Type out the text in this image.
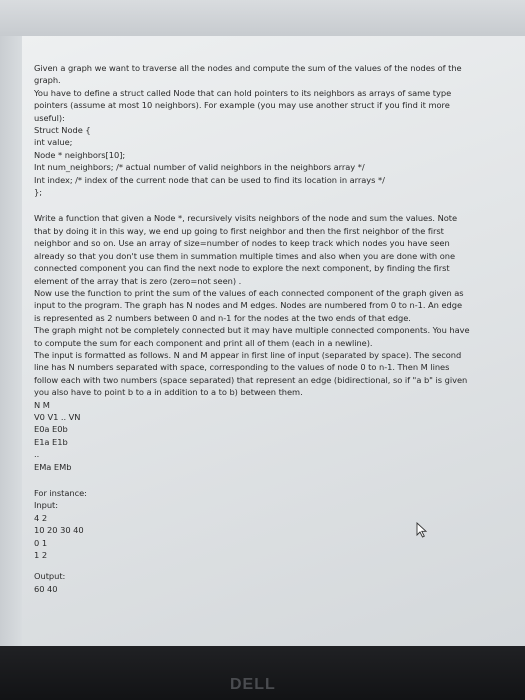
Given a graph we want to traverse all the nodes and compute the sum of the values of the nodes of the

graph.

You have to define a struct called Node that can hold pointers to its neighbors as arrays of same type

pointers (assume at most 10 neighbors). For example (you may use another struct if you find it more

useful):

Struct Node {

int value;

Node * neighbors[10];

Int num_neighbors; /* actual number of valid neighbors in the neighbors array */

Int index; /* index of the current node that can be used to find its location in arrays */

};

Write a function that given a Node *, recursively visits neighbors of the node and sum the values. Note

that by doing it in this way, we end up going to first neighbor and then the first neighbor of the first

neighbor and so on. Use an array of size=number of nodes to keep track which nodes you have seen

already so that you don't use them in summation multiple times and also when you are done with one

connected component you can find the next node to explore the next component, by finding the first

element of the array that is zero (zero=not seen) .

Now use the function to print the sum of the values of each connected component of the graph given as

input to the program. The graph has N nodes and M edges. Nodes are numbered from 0 to n-1. An edge

is represented as 2 numbers between 0 and n-1 for the nodes at the two ends of that edge.

The graph might not be completely connected but it may have multiple connected components. You have

to compute the sum for each component and print all of them (each in a newline).

The input is formatted as follows. N and M appear in first line of input (separated by space). The second

line has N numbers separated with space, corresponding to the values of node 0 to n-1. Then M lines

follow each with two numbers (space separated) that represent an edge (bidirectional, so if "a b" is given

you also have to point b to a in addition to a to b) between them.

N M

V0 V1 .. VN

E0a E0b

E1a E1b

..

EMa EMb

For instance:

Input:

4 2

10 20 30 40

0 1

1 2

Output:

60 40

DELL
